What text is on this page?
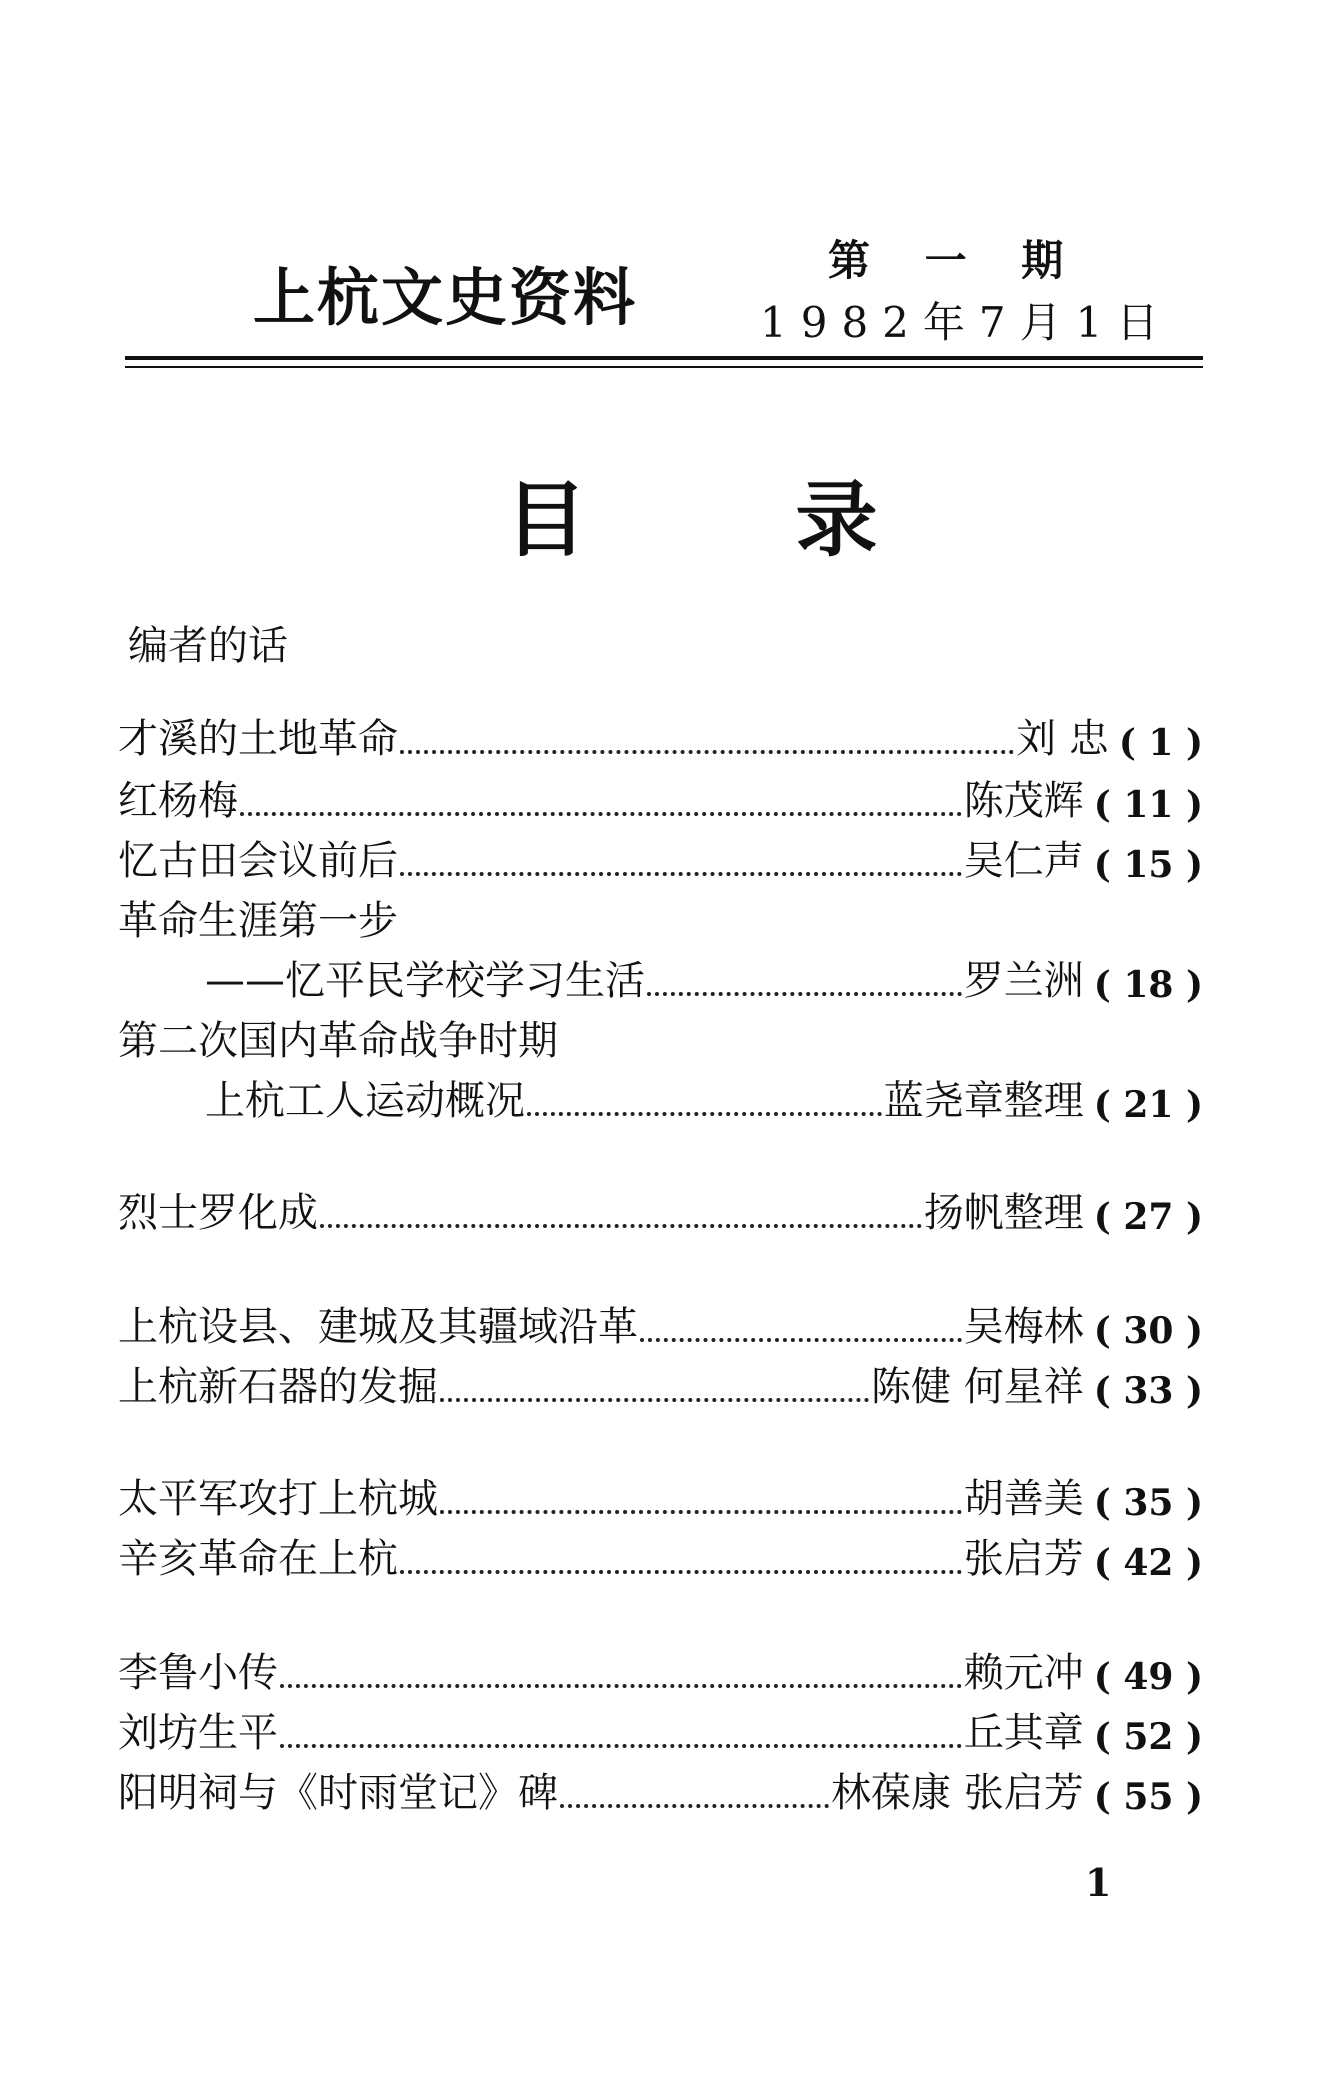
上杭文史资料
第 一 期
1982年7月1日
目 录
编者的话
才溪的土地革命	刘 忠 ( 1 )
红杨梅	陈茂辉 ( 11 )
忆古田会议前后	吴仁声 ( 15 )
革命生涯第一步
——忆平民学校学习生活	罗兰洲 ( 18 )
第二次国内革命战争时期
上杭工人运动概况	蓝尧章整理 ( 21 )
烈士罗化成	扬帆整理 ( 27 )
上杭设县、建城及其疆域沿革	吴梅林 ( 30 )
上杭新石器的发掘	陈健 何星祥 ( 33 )
太平军攻打上杭城	胡善美 ( 35 )
辛亥革命在上杭	张启芳 ( 42 )
李鲁小传	赖元冲 ( 49 )
刘坊生平	丘其章 ( 52 )
阳明祠与《时雨堂记》碑	林葆康 张启芳 ( 55 )
1
